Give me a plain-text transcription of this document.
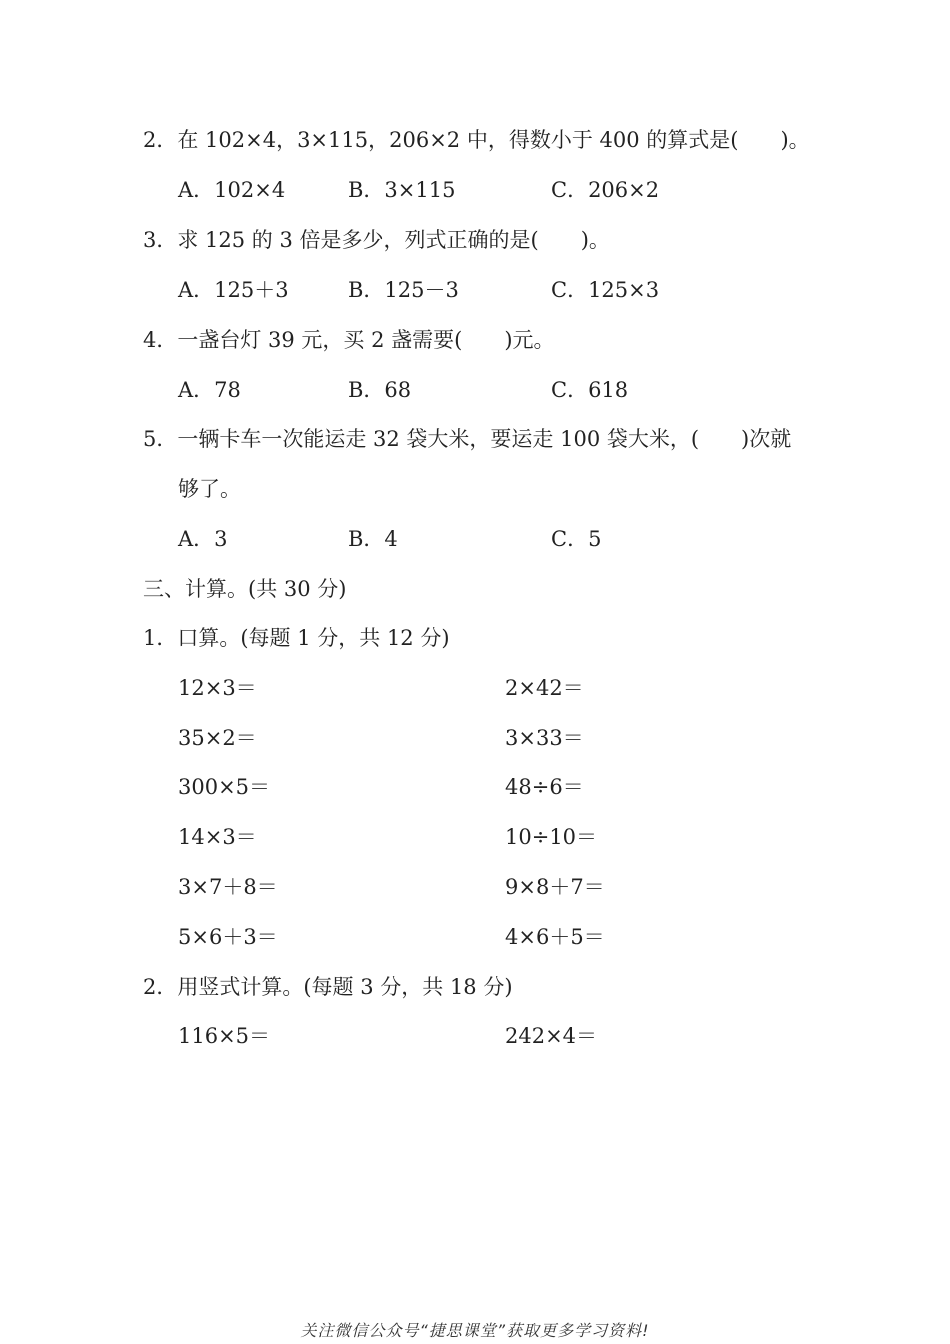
2．在 102×4，3×115，206×2 中，得数小于 400 的算式是(　　)。
A．102×4	B．3×115	C．206×2
3．求 125 的 3 倍是多少，列式正确的是(　　)。
A．125＋3	B．125－3	C．125×3
4．一盏台灯 39 元，买 2 盏需要(　　)元。
A．78	B．68	C．618
5．一辆卡车一次能运走 32 袋大米，要运走 100 袋大米，(　　)次就
够了。
A．3	B．4	C．5
三、计算。(共 30 分)
1．口算。(每题 1 分，共 12 分)
12×3＝	2×42＝
35×2＝	3×33＝
300×5＝	48÷6＝
14×3＝	10÷10＝
3×7＋8＝	9×8＋7＝
5×6＋3＝	4×6＋5＝
2．用竖式计算。(每题 3 分，共 18 分)
116×5＝	242×4＝
关注微信公众号“捷思课堂”获取更多学习资料!
